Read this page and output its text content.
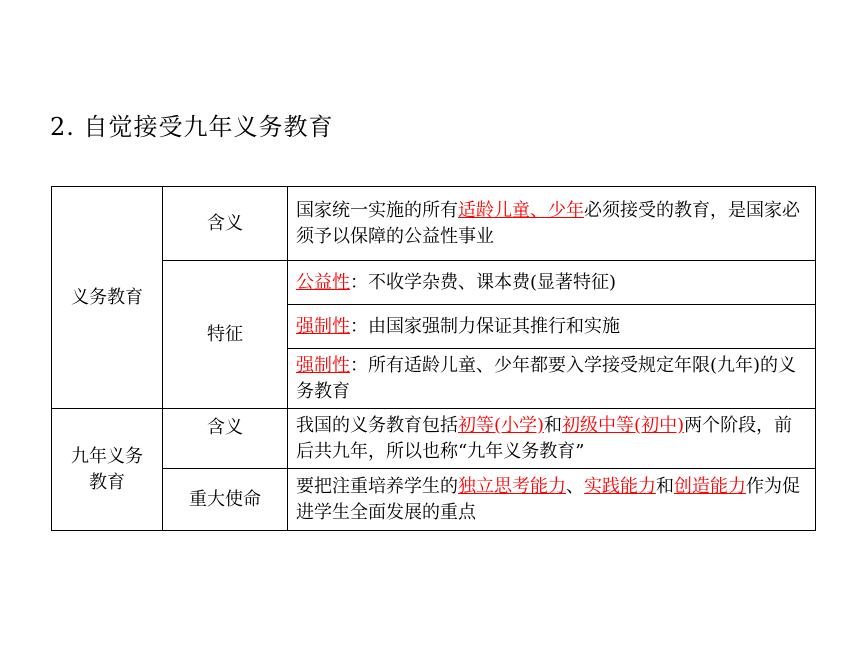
2. 自觉接受九年义务教育
义务教育	含义	国家统一实施的所有适龄儿童、少年必须接受的教育，是国家必须予以保障的公益性事业
	特征	公益性：不收学杂费、课本费(显著特征)
		强制性：由国家强制力保证其推行和实施
		强制性：所有适龄儿童、少年都要入学接受规定年限(九年)的义务教育
九年义务教育	含义	我国的义务教育包括初等(小学)和初级中等(初中)两个阶段，前后共九年，所以也称“九年义务教育”
	重大使命	要把注重培养学生的独立思考能力、实践能力和创造能力作为促进学生全面发展的重点
